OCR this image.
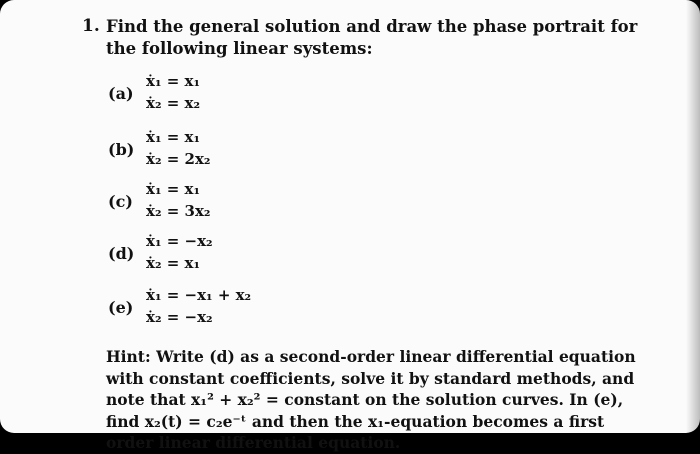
1. Find the general solution and draw the phase portrait for the following linear systems:
(a)
ẋ₁ = x₁
ẋ₂ = x₂
(b)
ẋ₁ = x₁
ẋ₂ = 2x₂
(c)
ẋ₁ = x₁
ẋ₂ = 3x₂
(d)
ẋ₁ = −x₂
ẋ₂ = x₁
(e)
ẋ₁ = −x₁ + x₂
ẋ₂ = −x₂
Hint: Write (d) as a second-order linear differential equation with constant coefficients, solve it by standard methods, and note that x₁² + x₂² = constant on the solution curves. In (e), find x₂(t) = c₂e⁻ᵗ and then the x₁-equation becomes a first order linear differential equation.
